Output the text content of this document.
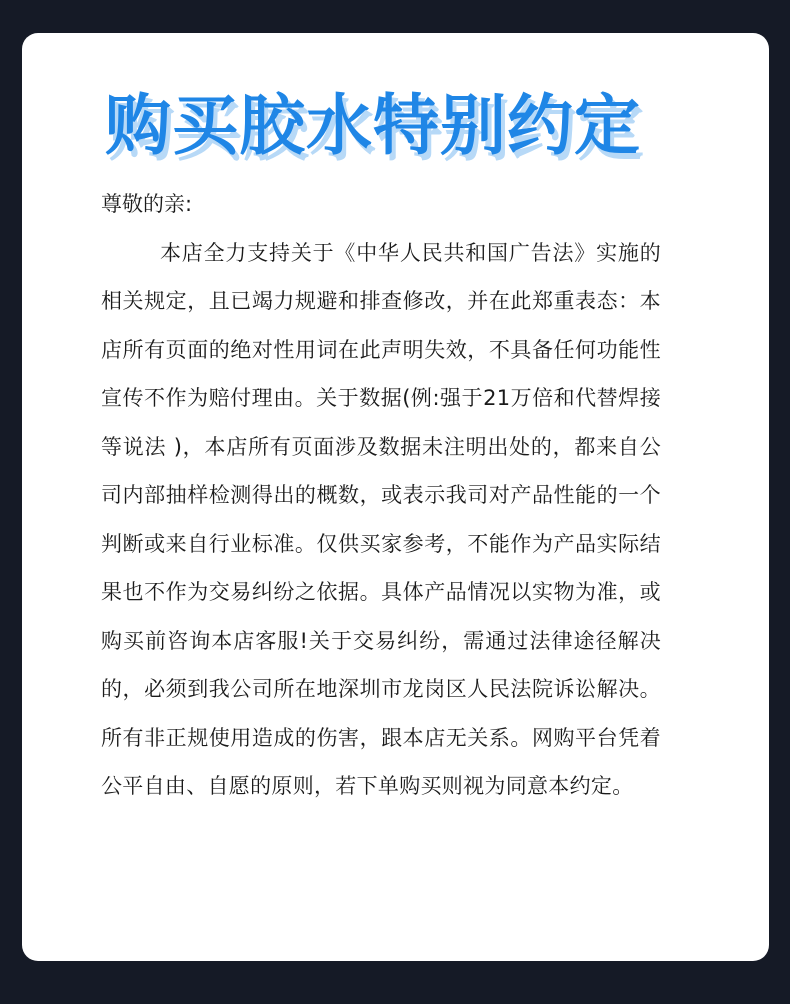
购买胶水特别约定

尊敬的亲:

本店全力支持关于《中华人民共和国广告法》实施的相关规定，且已竭力规避和排查修改，并在此郑重表态：本店所有页面的绝对性用词在此声明失效，不具备任何功能性宣传不作为赔付理由。关于数据(例:强于21万倍和代替焊接等说法 )，本店所有页面涉及数据未注明出处的，都来自公司内部抽样检测得出的概数，或表示我司对产品性能的一个判断或来自行业标准。仅供买家参考，不能作为产品实际结果也不作为交易纠纷之依据。具体产品情况以实物为准，或购买前咨询本店客服!关于交易纠纷，需通过法律途径解决的，必须到我公司所在地深圳市龙岗区人民法院诉讼解决。所有非正规使用造成的伤害，跟本店无关系。网购平台凭着公平自由、自愿的原则，若下单购买则视为同意本约定。
